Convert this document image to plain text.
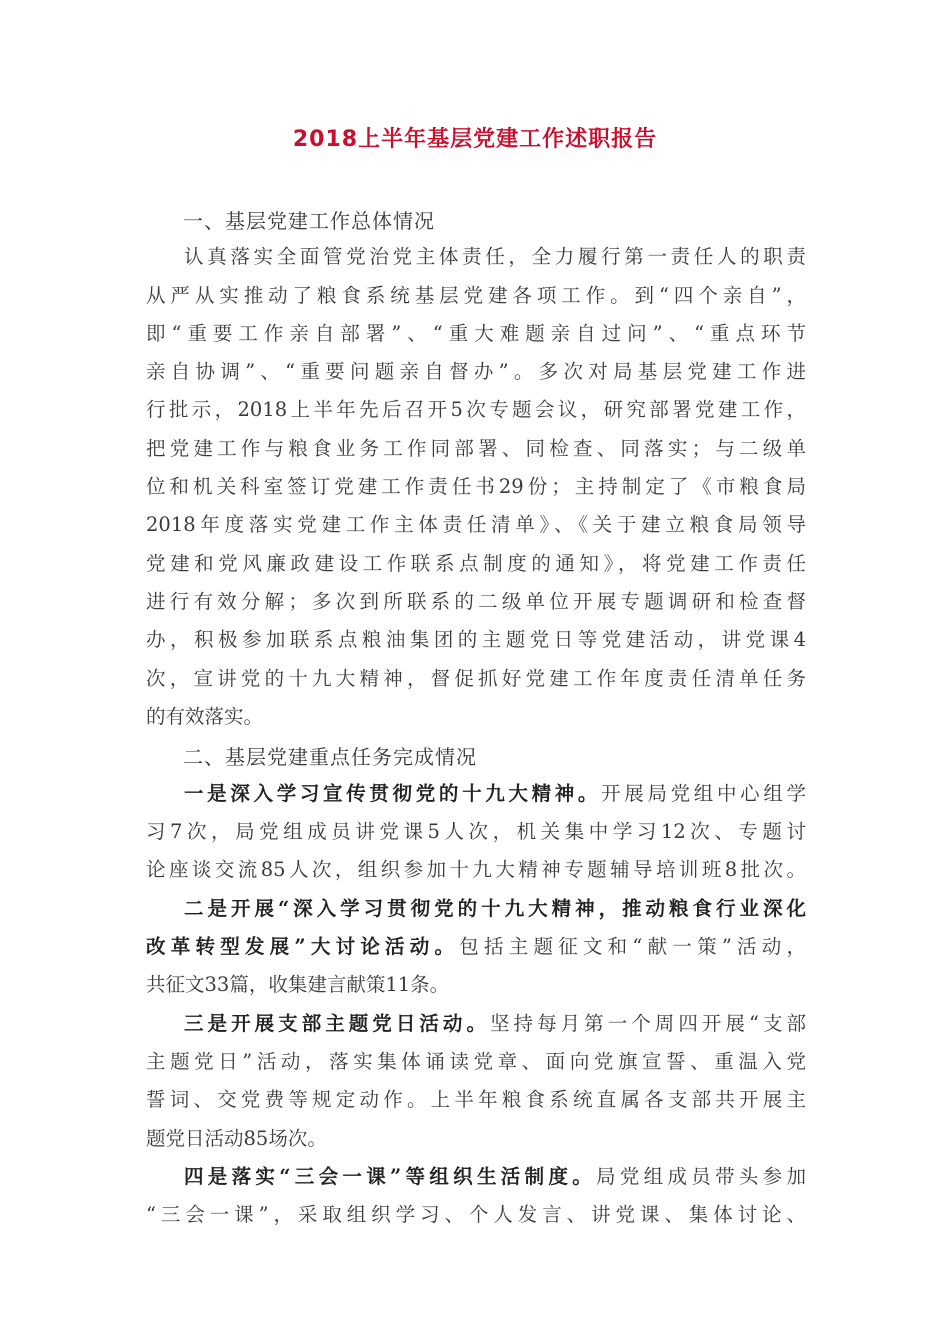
2018上半年基层党建工作述职报告
一、基层党建工作总体情况
认真落实全面管党治党主体责任，全力履行第一责任人的职责
从严从实推动了粮食系统基层党建各项工作。到“四个亲自”，
即“重要工作亲自部署”、“重大难题亲自过问”、“重点环节
亲自协调”、“重要问题亲自督办”。多次对局基层党建工作进
行批示，2018上半年先后召开5次专题会议，研究部署党建工作，
把党建工作与粮食业务工作同部署、同检查、同落实；与二级单
位和机关科室签订党建工作责任书29份；主持制定了《市粮食局
2018年度落实党建工作主体责任清单》、《关于建立粮食局领导
党建和党风廉政建设工作联系点制度的通知》，将党建工作责任
进行有效分解；多次到所联系的二级单位开展专题调研和检查督
办，积极参加联系点粮油集团的主题党日等党建活动，讲党课4
次，宣讲党的十九大精神，督促抓好党建工作年度责任清单任务
的有效落实。
二、基层党建重点任务完成情况
一是深入学习宣传贯彻党的十九大精神。开展局党组中心组学
习7次，局党组成员讲党课5人次，机关集中学习12次、专题讨
论座谈交流85人次，组织参加十九大精神专题辅导培训班8批次。
二是开展“深入学习贯彻党的十九大精神，推动粮食行业深化
改革转型发展”大讨论活动。包括主题征文和“献一策”活动，
共征文33篇，收集建言献策11条。
三是开展支部主题党日活动。坚持每月第一个周四开展“支部
主题党日”活动，落实集体诵读党章、面向党旗宣誓、重温入党
誓词、交党费等规定动作。上半年粮食系统直属各支部共开展主
题党日活动85场次。
四是落实“三会一课”等组织生活制度。局党组成员带头参加
“三会一课”，采取组织学习、个人发言、讲党课、集体讨论、
